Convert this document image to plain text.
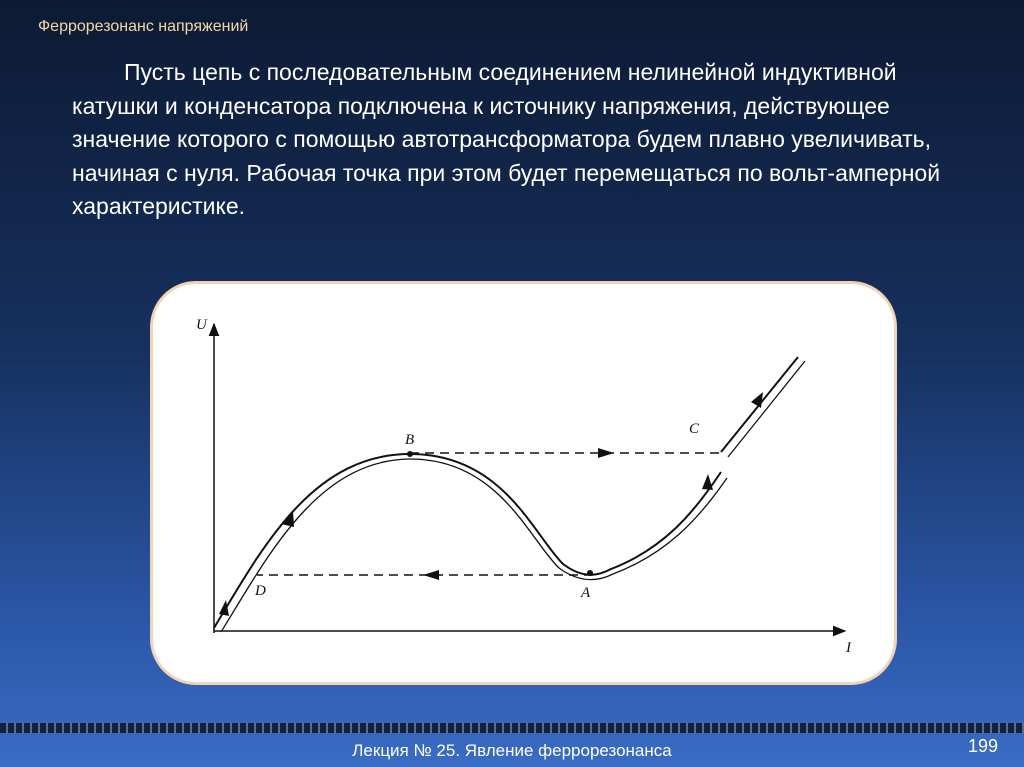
Феррорезонанс напряжений
Пусть цепь с последовательным соединением нелинейной индуктивной катушки и конденсатора подключена к источнику напряжения, действующее значение которого с помощью автотрансформатора будем плавно увеличивать, начиная с нуля. Рабочая точка при этом будет перемещаться по вольт-амперной характеристике.
U
I
B
C
A
D
Лекция № 25. Явление феррорезонанса	199
